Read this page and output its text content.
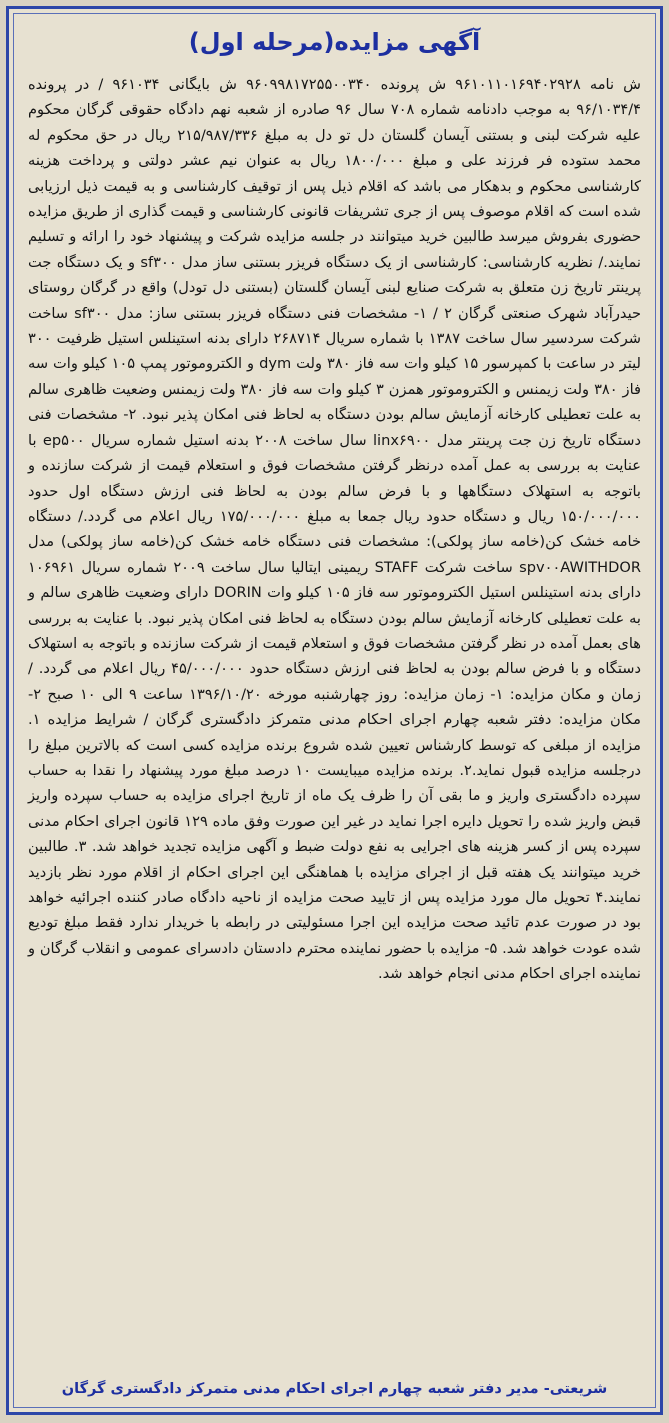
(آگهی مزایده(مرحله اول

ش نامه ۹۶۱۰۱۱۰۱۶۹۴۰۲۹۲۸ ش پرونده ۹۶۰۹۹۸۱۷۲۵۵۰۰۳۴۰ ش بایگانی ۹۶۱۰۳۴ / در پرونده ۹۶/۱۰۳۴/۴ به موجب دادنامه شماره ۷۰۸ سال ۹۶ صادره از شعبه نهم دادگاه حقوقی گرگان محکوم علیه شرکت لبنی و بستنی آیسان گلستان دل تو دل به مبلغ ۲۱۵/۹۸۷/۳۳۶ ریال در حق محکوم له محمد ستوده فر فرزند علی و مبلغ ۱۸۰۰/۰۰۰ ریال به عنوان نیم عشر دولتی و پرداخت هزینه کارشناسی محکوم و بدهکار می باشد که اقلام ذیل پس از توقیف کارشناسی و به قیمت ذیل ارزیابی شده است که اقلام موصوف پس از جری تشریفات قانونی کارشناسی و قیمت گذاری از طریق مزایده حضوری بفروش میرسد طالبین خرید میتوانند در جلسه مزایده شرکت و پیشنهاد خود را ارائه و تسلیم نمایند./ نظریه کارشناسی: کارشناسی از یک دستگاه فریزر بستنی ساز مدل sf۳۰۰ و یک دستگاه جت پرینتر تاریخ زن متعلق به شرکت صنایع لبنی آیسان گلستان (بستنی دل تودل) واقع در گرگان روستای حیدرآباد شهرک صنعتی گرگان ۲ / ۱- مشخصات فنی دستگاه فریزر بستنی ساز: مدل sf۳۰۰ ساخت شرکت سردسیر سال ساخت ۱۳۸۷ با شماره سریال ۲۶۸۷۱۴ دارای بدنه استینلس استیل ظرفیت ۳۰۰ لیتر در ساعت با کمپرسور ۱۵ کیلو وات سه فاز ۳۸۰ ولت dym و الکتروموتور پمپ ۱۰۵ کیلو وات سه فاز ۳۸۰ ولت زیمنس و الکتروموتور همزن ۳ کیلو وات سه فاز ۳۸۰ ولت زیمنس وضعیت ظاهری سالم به علت تعطیلی کارخانه آزمایش سالم بودن دستگاه به لحاظ فنی امکان پذیر نبود. ۲- مشخصات فنی دستگاه تاریخ زن جت پرینتر مدل linx۶۹۰۰ سال ساخت ۲۰۰۸ بدنه استیل شماره سریال ep۵۰۰ با عنایت به بررسی به عمل آمده درنظر گرفتن مشخصات فوق و استعلام قیمت از شرکت سازنده و باتوجه به استهلاک دستگاهها و با فرض سالم بودن به لحاظ فنی ارزش دستگاه اول حدود ۱۵۰/۰۰۰/۰۰۰ ریال و دستگاه حدود ریال جمعا به مبلغ ۱۷۵/۰۰۰/۰۰۰ ریال اعلام می گردد./ دستگاه خامه خشک کن(خامه ساز پولکی): مشخصات فنی دستگاه خامه خشک کن(خامه ساز پولکی) مدل spv۰۰AWITHDOR ساخت شرکت STAFF ریمینی ایتالیا سال ساخت ۲۰۰۹ شماره سریال ۱۰۶۹۶۱ دارای بدنه استینلس استیل الکتروموتور سه فاز ۱۰۵ کیلو وات DORIN دارای وضعیت ظاهری سالم و به علت تعطیلی کارخانه آزمایش سالم بودن دستگاه به لحاظ فنی امکان پذیر نبود. با عنایت به بررسی های بعمل آمده در نظر گرفتن مشخصات فوق و استعلام قیمت از شرکت سازنده و باتوجه به استهلاک دستگاه و با فرض سالم بودن به لحاظ فنی ارزش دستگاه حدود ۴۵/۰۰۰/۰۰۰ ریال اعلام می گردد. / زمان و مکان مزایده: ۱- زمان مزایده: روز چهارشنبه مورخه ۱۳۹۶/۱۰/۲۰ ساعت ۹ الی ۱۰ صبح ۲- مکان مزایده: دفتر شعبه چهارم اجرای احکام مدنی متمرکز دادگستری گرگان / شرایط مزایده ۱. مزایده از مبلغی که توسط کارشناس تعیین شده شروع برنده مزایده کسی است که بالاترین مبلغ را درجلسه مزایده قبول نماید.۲. برنده مزایده میبایست ۱۰ درصد مبلغ مورد پیشنهاد را نقدا به حساب سپرده دادگستری واریز و ما بقی آن را ظرف یک ماه از تاریخ اجرای مزایده به حساب سپرده واریز قبض واریز شده را تحویل دایره اجرا نماید در غیر این صورت وفق ماده ۱۲۹ قانون اجرای احکام مدنی سپرده پس از کسر هزینه های اجرایی به نفع دولت ضبط و آگهی مزایده تجدید خواهد شد. ۳. طالبین خرید میتوانند یک هفته قبل از اجرای مزایده با هماهنگی این اجرای احکام از اقلام مورد نظر بازدید نمایند.۴ تحویل مال مورد مزایده پس از تایید صحت مزایده از ناحیه دادگاه صادر کننده اجرائیه خواهد بود در صورت عدم تائید صحت مزایده این اجرا مسئولیتی در رابطه با خریدار ندارد فقط مبلغ تودیع شده عودت خواهد شد. ۵- مزایده با حضور نماینده محترم دادستان دادسرای عمومی و انقلاب گرگان و نماینده اجرای احکام مدنی انجام خواهد شد.

شریعتی- مدیر دفتر شعبه چهارم اجرای احکام مدنی متمرکز دادگستری گرگان
